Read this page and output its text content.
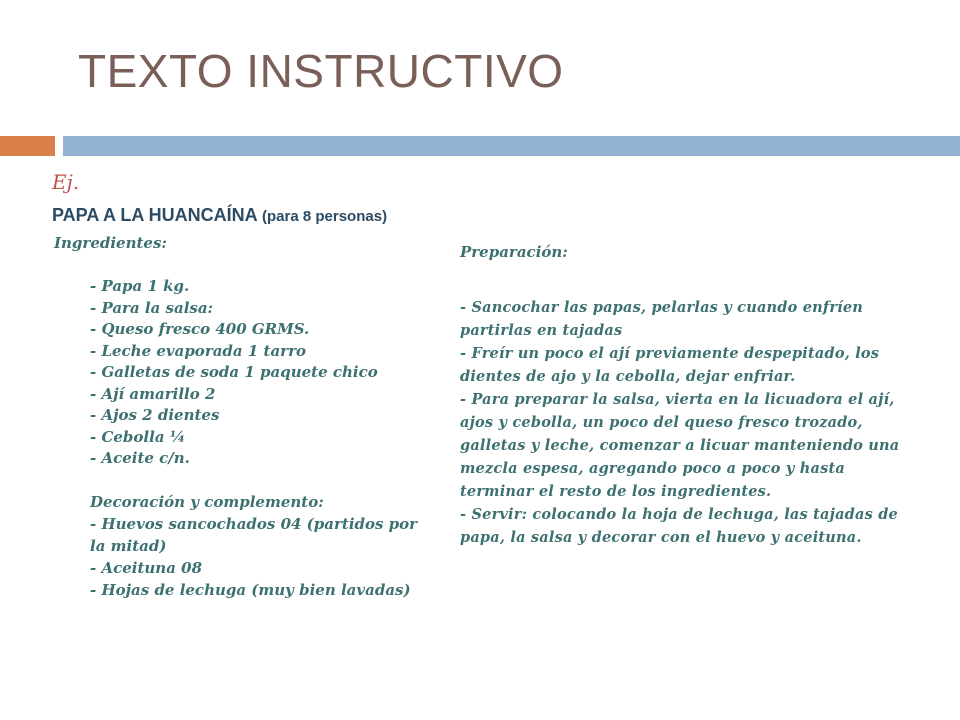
TEXTO INSTRUCTIVO
Ej.
PAPA A LA HUANCAÍNA (para 8 personas)
Ingredientes:
- Papa 1 kg.
- Para la salsa:
- Queso fresco 400 GRMS.
- Leche evaporada 1 tarro
- Galletas de soda 1 paquete chico
- Ají amarillo 2
- Ajos 2 dientes
- Cebolla ¼
- Aceite c/n.
Decoración y complemento:
- Huevos sancochados 04 (partidos por la mitad)
- Aceituna 08
- Hojas de lechuga (muy bien lavadas)
Preparación:

- Sancochar las papas, pelarlas y cuando enfríen partirlas en tajadas

- Freír un poco el ají previamente despepitado, los dientes de ajo y la cebolla, dejar enfriar.

- Para preparar la salsa, vierta en la licuadora el ají, ajos y cebolla, un poco del queso fresco trozado, galletas y leche, comenzar a licuar manteniendo una mezcla espesa, agregando poco a poco y hasta terminar el resto de los ingredientes.

- Servir: colocando la hoja de lechuga, las tajadas de papa, la salsa y decorar con el huevo y aceituna.
